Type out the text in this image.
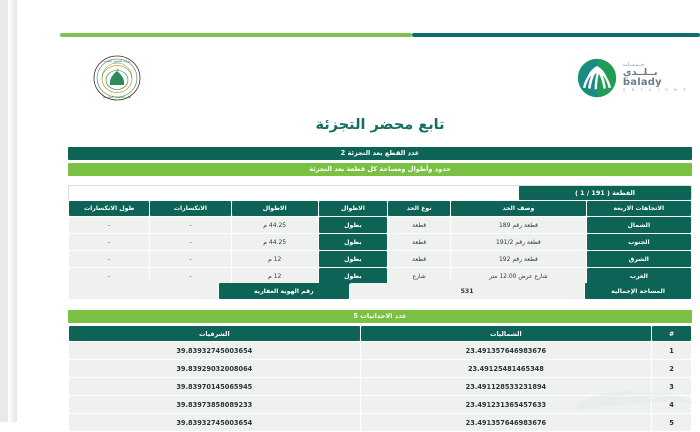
وزارة الشؤون البلدية
أمانة العاصمة المقدسة
خــدمــات
بــلــدي
balady
s e r v i c e s
تابع محضر التجزئة
عدد القطع بعد التجزئة 2
حدود وأطوال ومساحة كل قطعة بعد التجزئة
القطعة ( 191 / 1 )
الاتجاهات الاربعة	وصف الحد	نوع الحد	الاطوال	الاطوال	الانكسارات	طول الانكسارات
الشمال	قطعة رقم 189	قطعة	بطول	44.25 م	-	-
الجنوب	قطعة رقم 191/2	قطعة	بطول	44.25 م	-	-
الشرق	قطعة رقم 192	قطعة	بطول	12 م	-	-
الغرب	شارع عرض 12.00 متر	شارع	بطول	12 م	-	-
المساحة الإجمالية	531	رقم الهوية العقارية	
عدد الاحداثيات 5
#	الشماليات	الشرقيات
1	23.491357646983676	39.83932745003654
2	23.49125481465348	39.83929032008064
3	23.491128533231894	39.83970145065945
4	23.491231365457633	39.83973858089233
5	23.491357646983676	39.83932745003654
